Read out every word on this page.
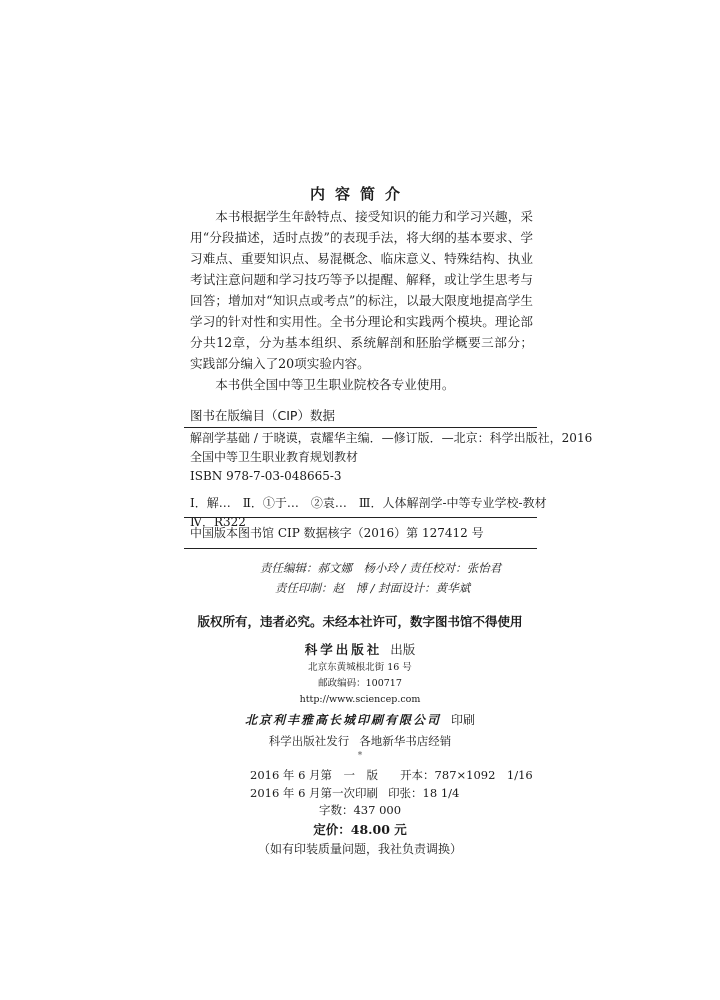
内容简介

本书根据学生年龄特点、接受知识的能力和学习兴趣，采用“分段描述，适时点拨”的表现手法，将大纲的基本要求、学习难点、重要知识点、易混概念、临床意义、特殊结构、执业考试注意问题和学习技巧等予以提醒、解释，或让学生思考与回答；增加对“知识点或考点”的标注，以最大限度地提高学生学习的针对性和实用性。全书分理论和实践两个模块。理论部分共12章，分为基本组织、系统解剖和胚胎学概要三部分；实践部分编入了20项实验内容。

本书供全国中等卫生职业院校各专业使用。

图书在版编目（CIP）数据
解剖学基础 / 于晓谟，袁耀华主编．—修订版．—北京：科学出版社，2016
全国中等卫生职业教育规划教材
ISBN 978-7-03-048665-3
Ⅰ．解…　Ⅱ．①于…　②袁…　Ⅲ．人体解剖学-中等专业学校-教材
Ⅳ．R322
中国版本图书馆 CIP 数据核字（2016）第 127412 号
责任编辑：郝文娜　杨小玲 / 责任校对：张怡君
责任印制：赵　博 / 封面设计：黄华斌
版权所有，违者必究。未经本社许可，数字图书馆不得使用
科学出版社 出版
北京东黄城根北街 16 号
邮政编码：100717
http://www.sciencep.com
北京利丰雅高长城印刷有限公司 印刷
科学出版社发行 各地新华书店经销
*
2016 年 6 月第　一　版 开本：787×1092　1/16
2016 年 6 月第一次印刷 印张：18 1/4
字数：437 000
定价：48.00 元
（如有印装质量问题，我社负责调换）
